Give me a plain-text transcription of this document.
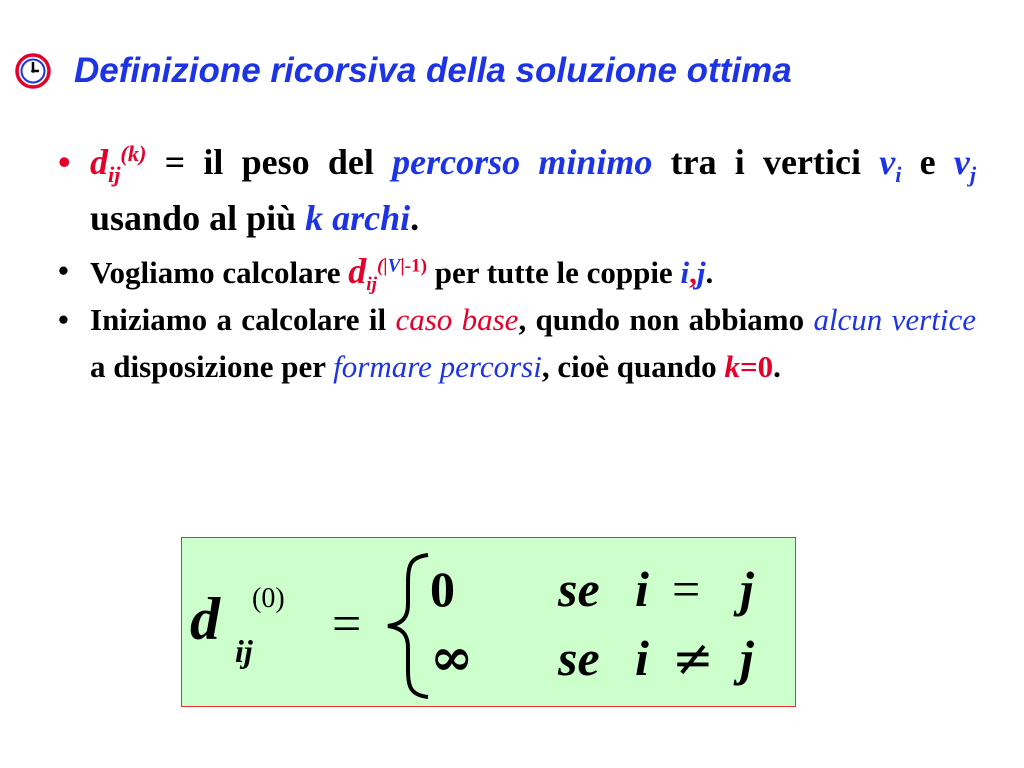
Definizione ricorsiva della soluzione ottima
• $d_{ij}^{(k)}$ = il peso del percorso minimo tra i vertici $v_i$ e $v_j$ usando al più k archi.
• Vogliamo calcolare $d_{ij}^{(|V|-1)}$ per tutte le coppie i,j.
• Iniziamo a calcolare il caso base, qundo non abbiamo alcun vertice a disposizione per formare percorsi, cioè quando k=0.
d ij
(0) =
0 se i = j
∞ se i ≠ j
